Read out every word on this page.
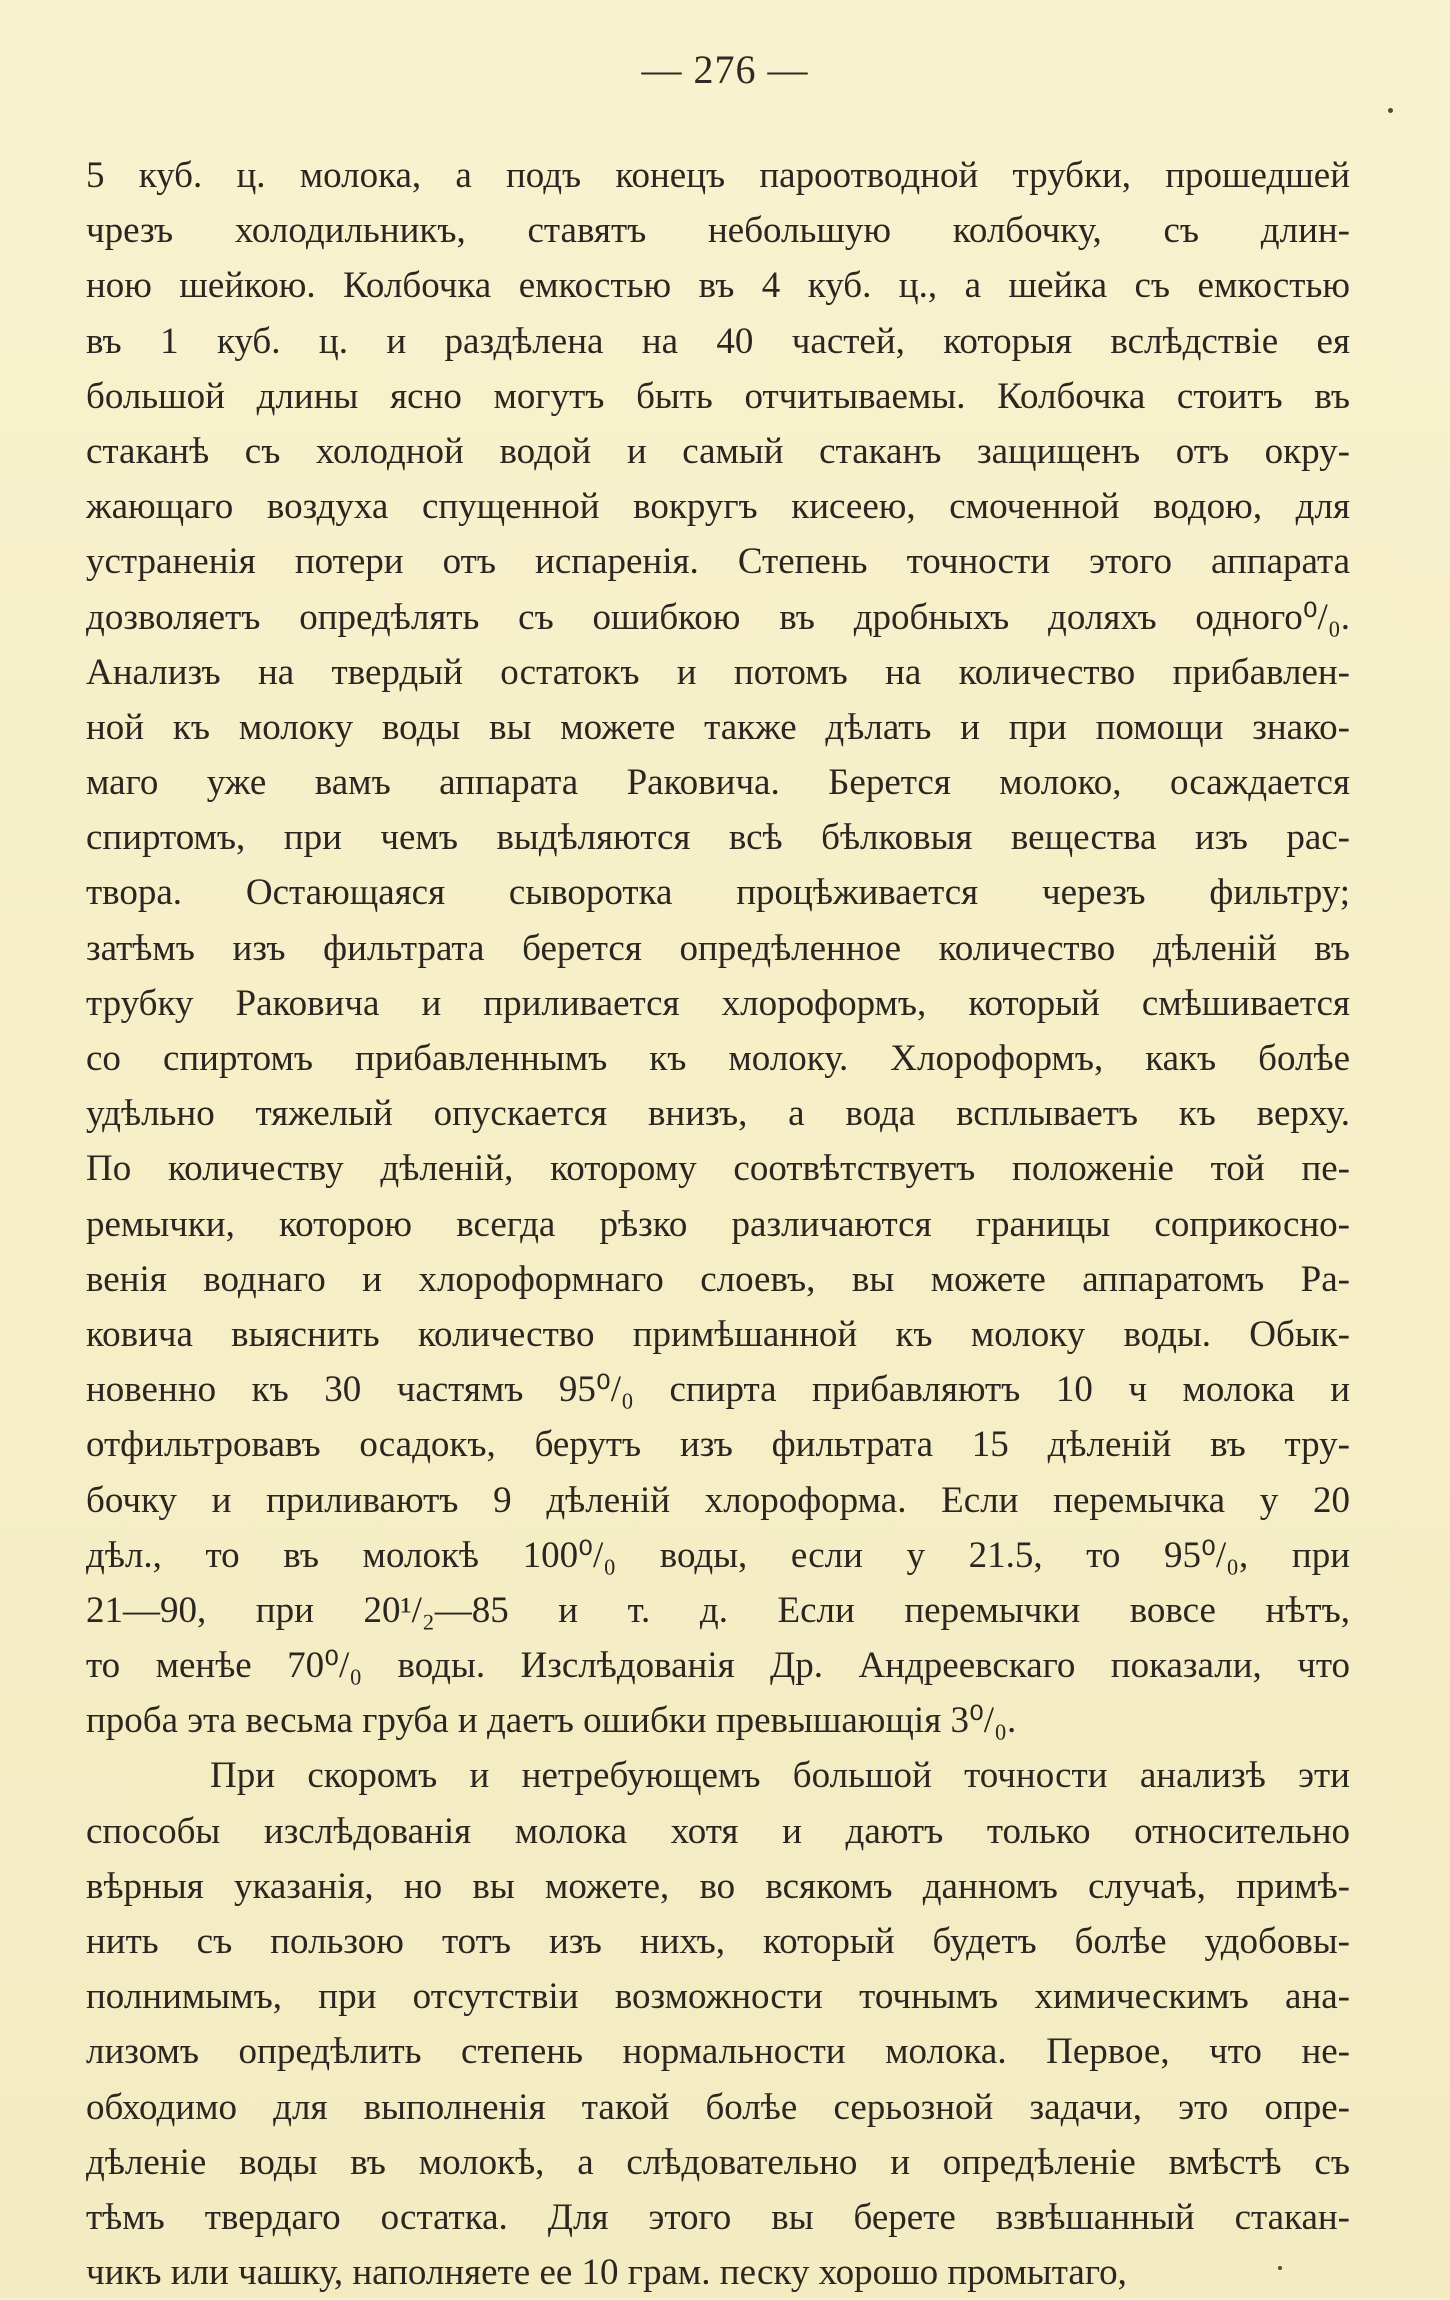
— 276 —
5 куб. ц. молока, а подъ конецъ пароотводной трубки, прошедшей
чрезъ холодильникъ, ставятъ небольшую колбочку, съ длин-
нoю шейкою. Колбочка емкостью въ 4 куб. ц., а шейка съ емкостью
въ 1 куб. ц. и раздѣлена на 40 частей, которыя вслѣдствіе ея
большой длины ясно могутъ быть отчитываемы. Колбочка стоитъ въ
стаканѣ съ холодной водой и самый стаканъ защищенъ отъ окру-
жающаго воздуха спущенной вокругъ кисеею, смоченной водою, для
устраненія потери отъ испаренія. Степень точности этого аппарата
дозволяетъ опредѣлять съ ошибкою въ дробныхъ доляхъ одного⁰/₀.
Анализъ на твердый остатокъ и потомъ на количество прибавлен-
ной къ молоку воды вы можете также дѣлать и при помощи знако-
маго уже вамъ аппарата Раковича. Берется молоко, осаждается
спиртомъ, при чемъ выдѣляются всѣ бѣлковыя вещества изъ рас-
твора. Остающаяся сыворотка процѣживается черезъ фильтру;
затѣмъ изъ фильтрата берется опредѣленное количество дѣленій въ
трубку Раковича и приливается хлороформъ, который смѣшивается
со спиртомъ прибавленнымъ къ молоку. Хлороформъ, какъ болѣе
удѣльно тяжелый опускается внизъ, а вода всплываетъ къ верху.
По количеству дѣленій, которому соотвѣтствуетъ положеніе той пе-
ремычки, которою всегда рѣзко различаются границы соприкосно-
венія воднаго и хлороформнаго слоевъ, вы можете аппаратомъ Ра-
ковича выяснить количество примѣшанной къ молоку воды. Обык-
новенно къ 30 частямъ 95⁰/₀ спирта прибавляютъ 10 ч молока и
отфильтровавъ осадокъ, берутъ изъ фильтрата 15 дѣленій въ тру-
бочку и приливаютъ 9 дѣленій хлороформа. Если перемычка у 20
дѣл., то въ молокѣ 100⁰/₀ воды, если у 21.5, то 95⁰/₀, при
21—90, при 20¹/₂—85 и т. д. Если перемычки вовсе нѣтъ,
то менѣе 70⁰/₀ воды. Изслѣдованія Др. Андреевскаго показали, что
проба эта весьма груба и даетъ ошибки превышающія 3⁰/₀.
При скоромъ и нетребующемъ большой точности анализѣ эти
способы изслѣдованія молока хотя и даютъ только относительно
вѣрныя указанія, но вы можете, во всякомъ данномъ случаѣ, примѣ-
нить съ пользою тотъ изъ нихъ, который будетъ болѣе удобовы-
полнимымъ, при отсутствіи возможности точнымъ химическимъ ана-
лизомъ опредѣлить степень нормальности молока. Первое, что не-
обходимо для выполненія такой болѣе серьозной задачи, это опре-
дѣленіе воды въ молокѣ, а слѣдовательно и опредѣленіе вмѣстѣ съ
тѣмъ твердаго остатка. Для этого вы берете взвѣшанный стакан-
чикъ или чашку, наполняете ее 10 грам. песку хорошо промытаго,
